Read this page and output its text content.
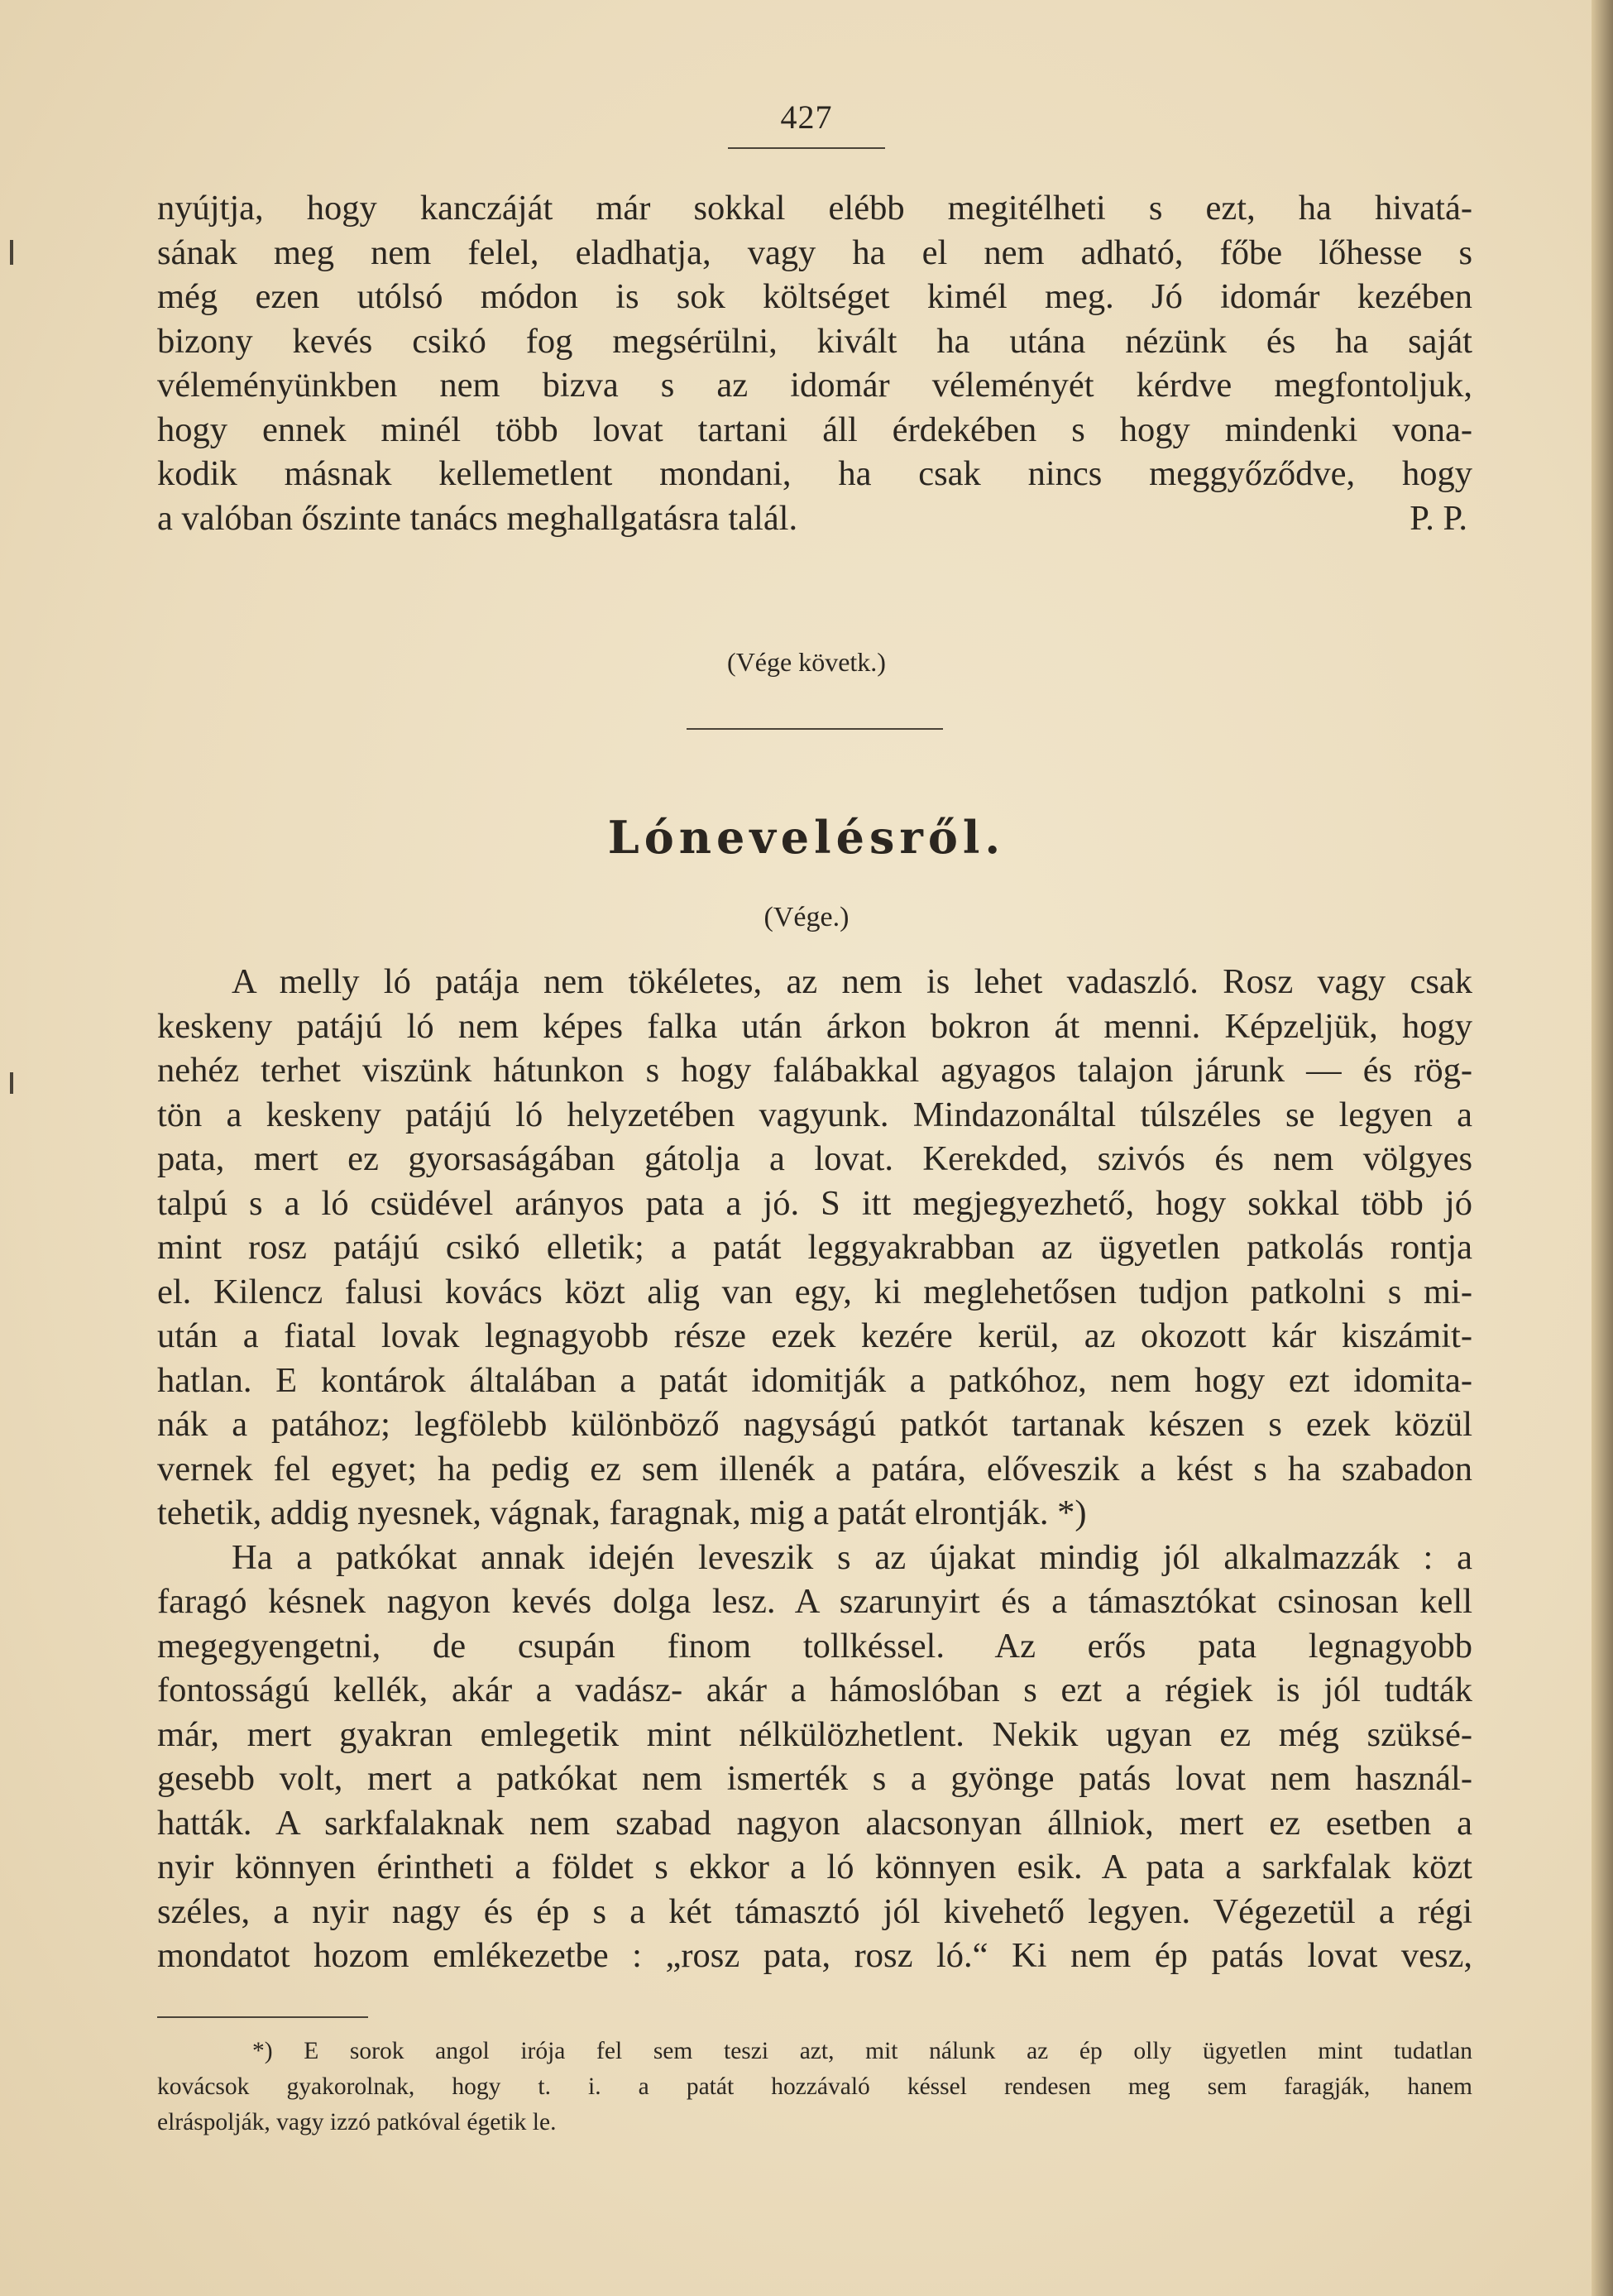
427
nyújtja, hogy kanczáját már sokkal elébb megitélheti s ezt, ha hivatá-
sának meg nem felel, eladhatja, vagy ha el nem adható, főbe lőhesse s
még ezen utólsó módon is sok költséget kimél meg. Jó idomár kezében
bizony kevés csikó fog megsérülni, kivált ha utána nézünk és ha saját
véleményünkben nem bizva s az idomár véleményét kérdve megfontoljuk,
hogy ennek minél több lovat tartani áll érdekében s hogy mindenki vona-
kodik másnak kellemetlent mondani, ha csak nincs meggyőződve, hogy
a valóban őszinte tanács meghallgatásra talál.	P. P.
(Vége követk.)
Lónevelésről.
(Vége.)
A melly ló patája nem tökéletes, az nem is lehet vadaszló. Rosz vagy csak
keskeny patájú ló nem képes falka után árkon bokron át menni. Képzeljük, hogy
nehéz terhet viszünk hátunkon s hogy falábakkal agyagos talajon járunk — és rög-
tön a keskeny patájú ló helyzetében vagyunk. Mindazonáltal túlszéles se legyen a
pata, mert ez gyorsaságában gátolja a lovat. Kerekded, szivós és nem völgyes
talpú s a ló csüdével arányos pata a jó. S itt megjegyezhető, hogy sokkal több jó
mint rosz patájú csikó elletik; a patát leggyakrabban az ügyetlen patkolás rontja
el. Kilencz falusi kovács közt alig van egy, ki meglehetősen tudjon patkolni s mi-
után a fiatal lovak legnagyobb része ezek kezére kerül, az okozott kár kiszámit-
hatlan. E kontárok általában a patát idomitják a patkóhoz, nem hogy ezt idomita-
nák a patához; legfölebb különböző nagyságú patkót tartanak készen s ezek közül
vernek fel egyet; ha pedig ez sem illenék a patára, előveszik a kést s ha szabadon
tehetik, addig nyesnek, vágnak, faragnak, mig a patát elrontják. *)
Ha a patkókat annak idején leveszik s az újakat mindig jól alkalmazzák : a
faragó késnek nagyon kevés dolga lesz. A szarunyirt és a támasztókat csinosan kell
megegyengetni, de csupán finom tollkéssel. Az erős pata legnagyobb
fontosságú kellék, akár a vadász- akár a hámoslóban s ezt a régiek is jól tudták
már, mert gyakran emlegetik mint nélkülözhetlent. Nekik ugyan ez még szüksé-
gesebb volt, mert a patkókat nem ismerték s a gyönge patás lovat nem használ-
hatták. A sarkfalaknak nem szabad nagyon alacsonyan állniok, mert ez esetben a
nyir könnyen érintheti a földet s ekkor a ló könnyen esik. A pata a sarkfalak közt
széles, a nyir nagy és ép s a két támasztó jól kivehető legyen. Végezetül a régi
mondatot hozom emlékezetbe : „rosz pata, rosz ló.“ Ki nem ép patás lovat vesz,
*) E sorok angol irója fel sem teszi azt, mit nálunk az ép olly ügyetlen mint tudatlan
kovácsok gyakorolnak, hogy t. i. a patát hozzávaló késsel rendesen meg sem faragják, hanem
elráspolják, vagy izzó patkóval égetik le.
